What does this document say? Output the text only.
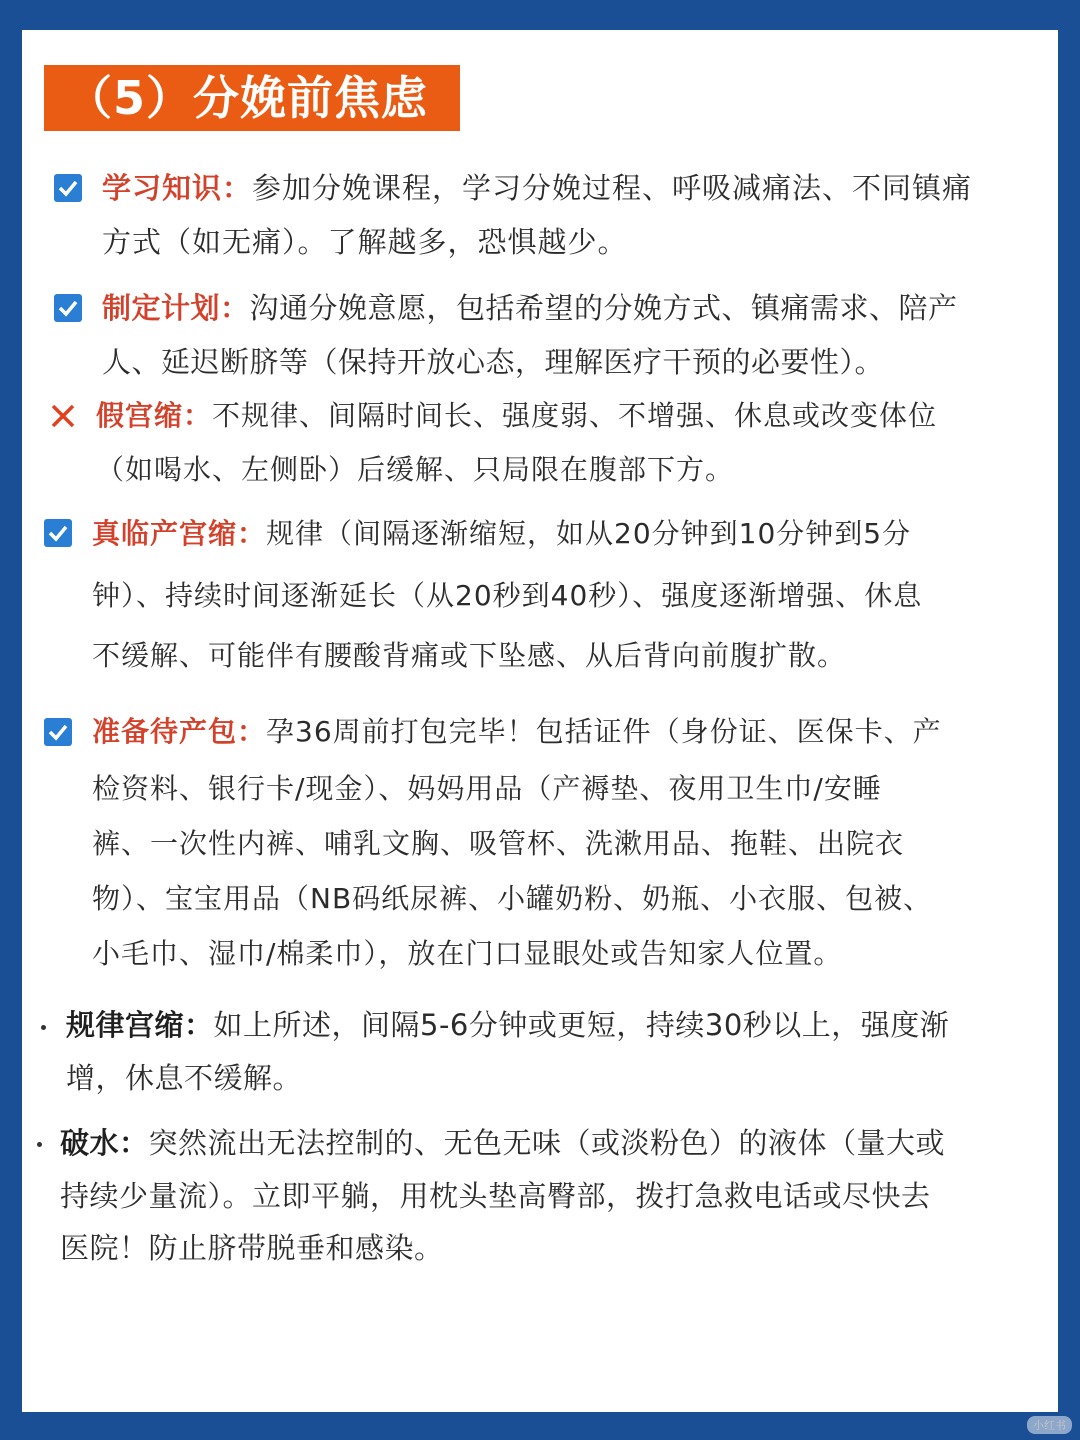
（5）分娩前焦虑
学习知识：参加分娩课程，学习分娩过程、呼吸减痛法、不同镇痛
方式（如无痛）。了解越多，恐惧越少。
制定计划：沟通分娩意愿，包括希望的分娩方式、镇痛需求、陪产
人、延迟断脐等（保持开放心态，理解医疗干预的必要性）。
假宫缩：不规律、间隔时间长、强度弱、不增强、休息或改变体位
（如喝水、左侧卧）后缓解、只局限在腹部下方。
真临产宫缩：规律（间隔逐渐缩短，如从20分钟到10分钟到5分
钟）、持续时间逐渐延长（从20秒到40秒）、强度逐渐增强、休息
不缓解、可能伴有腰酸背痛或下坠感、从后背向前腹扩散。
准备待产包：孕36周前打包完毕！包括证件（身份证、医保卡、产
检资料、银行卡/现金）、妈妈用品（产褥垫、夜用卫生巾/安睡
裤、一次性内裤、哺乳文胸、吸管杯、洗漱用品、拖鞋、出院衣
物）、宝宝用品（NB码纸尿裤、小罐奶粉、奶瓶、小衣服、包被、
小毛巾、湿巾/棉柔巾），放在门口显眼处或告知家人位置。
规律宫缩：如上所述，间隔5-6分钟或更短，持续30秒以上，强度渐
增，休息不缓解。
破水：突然流出无法控制的、无色无味（或淡粉色）的液体（量大或
持续少量流）。立即平躺，用枕头垫高臀部，拨打急救电话或尽快去
医院！防止脐带脱垂和感染。
小红书
